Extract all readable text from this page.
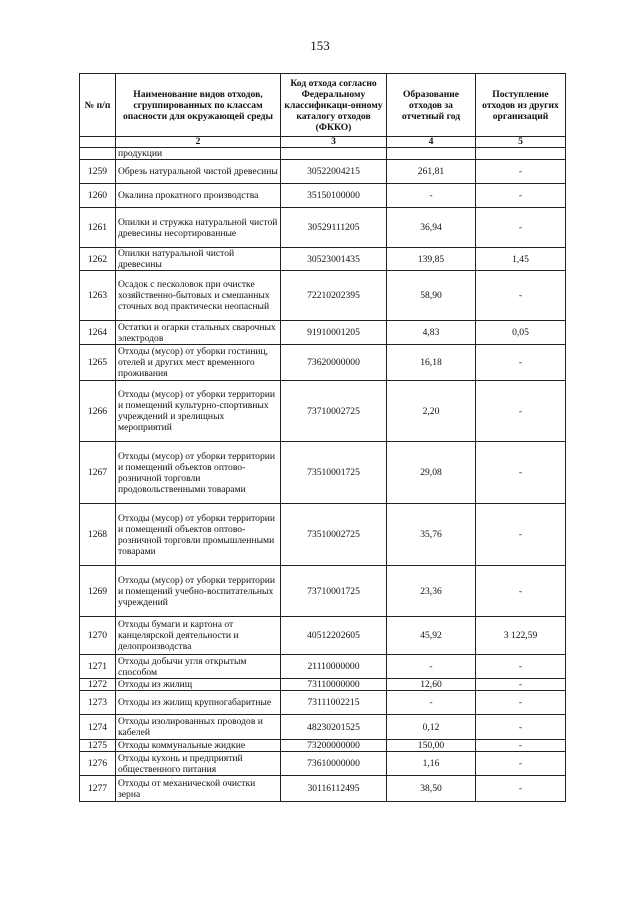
153
№ п/п	Наименование видов отходов, сгруппированных по классам опасности для окружающей среды	Код отхода согласно Федеральному классификаци-онному каталогу отходов (ФККО)	Образование отходов за отчетный год	Поступление отходов из других организаций
	2	3	4	5
	продукции			
1259	Обрезь натуральной чистой древесины	30522004215	261,81	-
1260	Окалина прокатного производства	35150100000	-	-
1261	Опилки и стружка натуральной чистой древесины несортированные	30529111205	36,94	-
1262	Опилки натуральной чистой древесины	30523001435	139,85	1,45
1263	Осадок с песколовок при очистке хозяйственно-бытовых и смешанных сточных вод практически неопасный	72210202395	58,90	-
1264	Остатки и огарки стальных сварочных электродов	91910001205	4,83	0,05
1265	Отходы (мусор) от уборки гостиниц, отелей и других мест временного проживания	73620000000	16,18	-
1266	Отходы (мусор) от уборки территории и помещений культурно-спортивных учреждений и зрелищных мероприятий	73710002725	2,20	-
1267	Отходы (мусор) от уборки территории и помещений объектов оптово-розничной торговли продовольственными товарами	73510001725	29,08	-
1268	Отходы (мусор) от уборки территории и помещений объектов оптово-розничной торговли промышленными товарами	73510002725	35,76	-
1269	Отходы (мусор) от уборки территории и помещений учебно-воспитательных учреждений	73710001725	23,36	-
1270	Отходы бумаги и картона от канцелярской деятельности и делопроизводства	40512202605	45,92	3 122,59
1271	Отходы добычи угля открытым способом	21110000000	-	-
1272	Отходы из жилищ	73110000000	12,60	-
1273	Отходы из жилищ крупногабаритные	73111002215	-	-
1274	Отходы изолированных проводов и кабелей	48230201525	0,12	-
1275	Отходы коммунальные жидкие	73200000000	150,00	-
1276	Отходы кухонь и предприятий общественного питания	73610000000	1,16	-
1277	Отходы от механической очистки зерна	30116112495	38,50	-
